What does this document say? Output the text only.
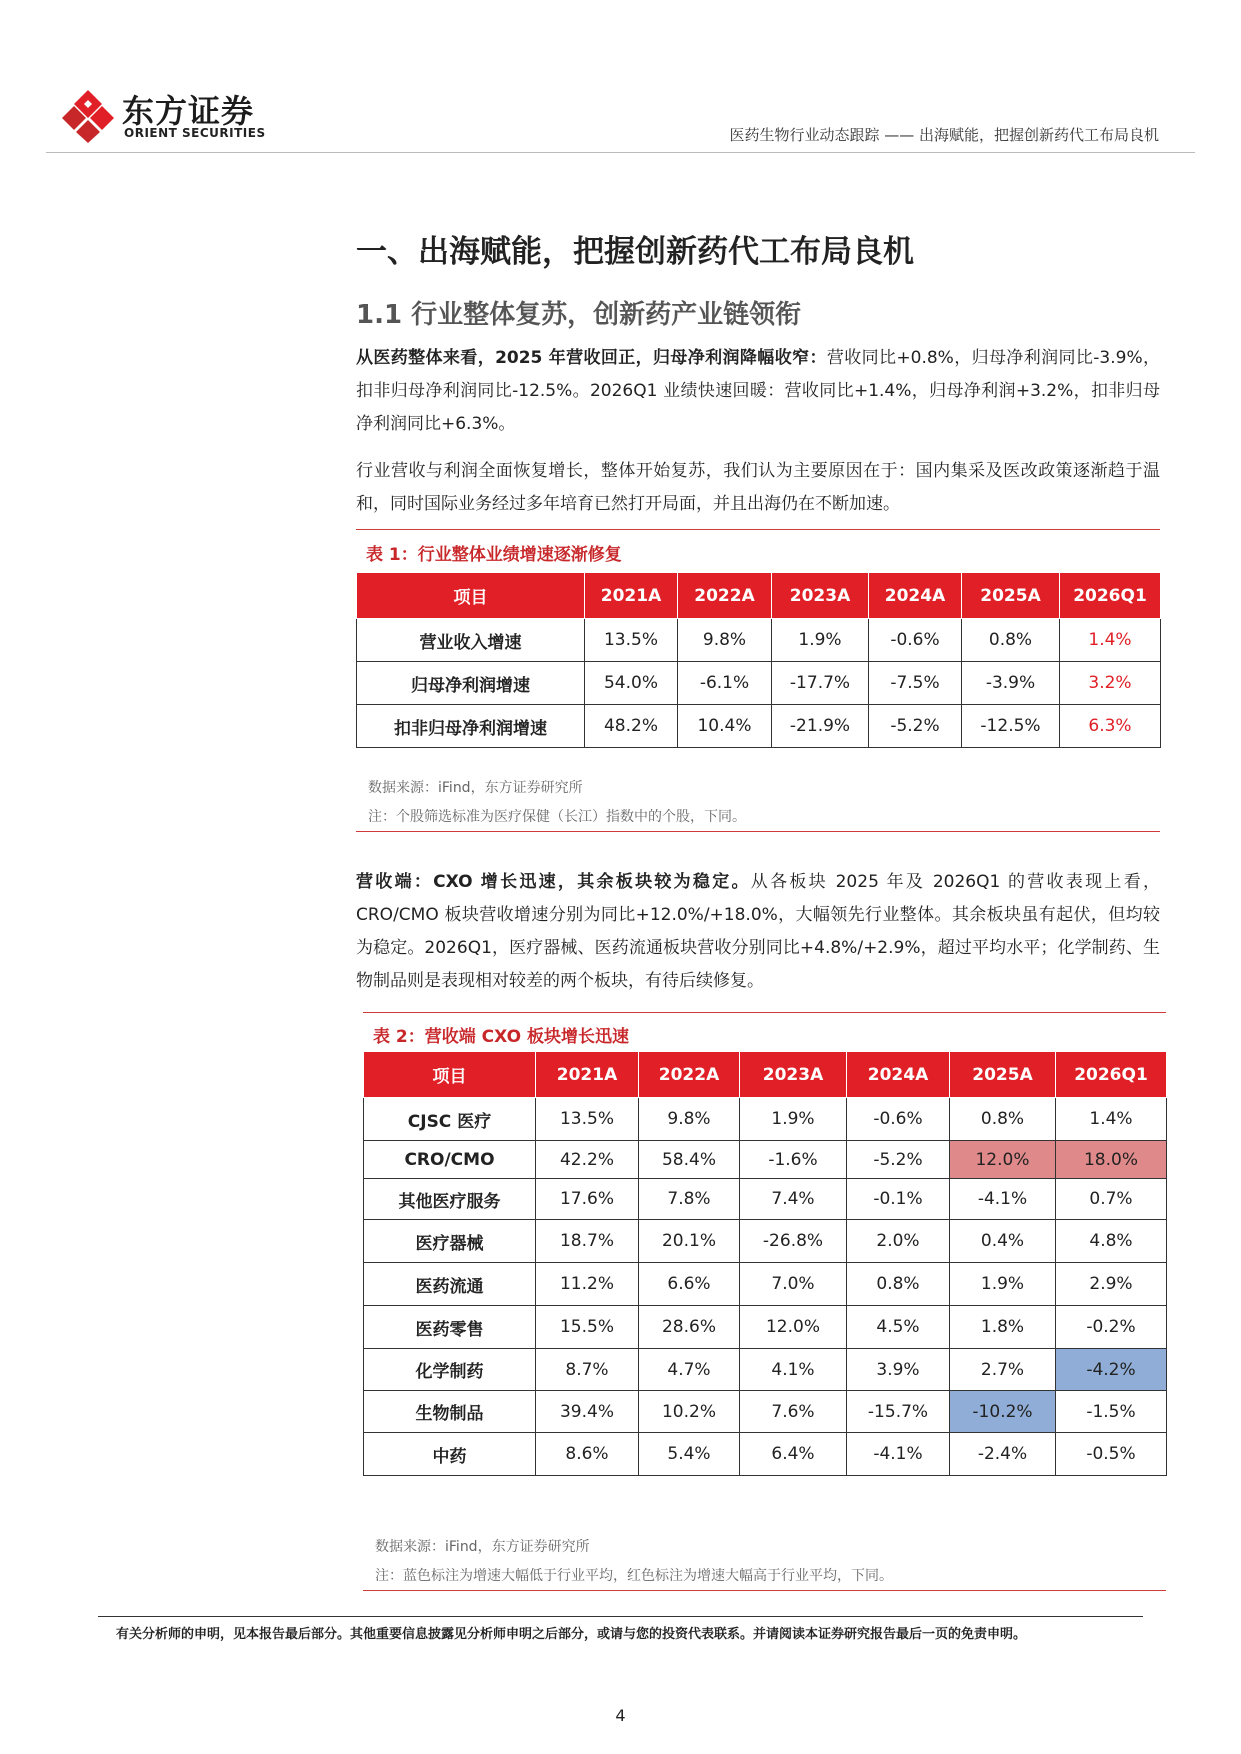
东方证券
ORIENT SECURITIES	医药生物行业动态跟踪 —— 出海赋能，把握创新药代工布局良机
一、出海赋能，把握创新药代工布局良机
1.1 行业整体复苏，创新药产业链领衔

从医药整体来看，2025 年营收回正，归母净利润降幅收窄：营收同比+0.8%，归母净利润同比-3.9%，扣非归母净利润同比-12.5%。2026Q1 业绩快速回暖：营收同比+1.4%，归母净利润+3.2%，扣非归母净利润同比+6.3%。

行业营收与利润全面恢复增长，整体开始复苏，我们认为主要原因在于：国内集采及医改政策逐渐趋于温和，同时国际业务经过多年培育已然打开局面，并且出海仍在不断加速。

表 1：行业整体业绩增速逐渐修复
项目	2021A	2022A	2023A	2024A	2025A	2026Q1
营业收入增速	13.5%	9.8%	1.9%	-0.6%	0.8%	1.4%
归母净利润增速	54.0%	-6.1%	-17.7%	-7.5%	-3.9%	3.2%
扣非归母净利润增速	48.2%	10.4%	-21.9%	-5.2%	-12.5%	6.3%
数据来源：iFind，东方证券研究所
注：个股筛选标准为医疗保健（长江）指数中的个股，下同。

营收端：CXO 增长迅速，其余板块较为稳定。从各板块 2025 年及 2026Q1 的营收表现上看，CRO/CMO 板块营收增速分别为同比+12.0%/+18.0%，大幅领先行业整体。其余板块虽有起伏，但均较为稳定。2026Q1，医疗器械、医药流通板块营收分别同比+4.8%/+2.9%，超过平均水平；化学制药、生物制品则是表现相对较差的两个板块，有待后续修复。

表 2：营收端 CXO 板块增长迅速
项目	2021A	2022A	2023A	2024A	2025A	2026Q1
CJSC 医疗	13.5%	9.8%	1.9%	-0.6%	0.8%	1.4%
CRO/CMO	42.2%	58.4%	-1.6%	-5.2%	12.0%	18.0%
其他医疗服务	17.6%	7.8%	7.4%	-0.1%	-4.1%	0.7%
医疗器械	18.7%	20.1%	-26.8%	2.0%	0.4%	4.8%
医药流通	11.2%	6.6%	7.0%	0.8%	1.9%	2.9%
医药零售	15.5%	28.6%	12.0%	4.5%	1.8%	-0.2%
化学制药	8.7%	4.7%	4.1%	3.9%	2.7%	-4.2%
生物制品	39.4%	10.2%	7.6%	-15.7%	-10.2%	-1.5%
中药	8.6%	5.4%	6.4%	-4.1%	-2.4%	-0.5%
数据来源：iFind，东方证券研究所
注：蓝色标注为增速大幅低于行业平均，红色标注为增速大幅高于行业平均，下同。
有关分析师的申明，见本报告最后部分。其他重要信息披露见分析师申明之后部分，或请与您的投资代表联系。并请阅读本证券研究报告最后一页的免责申明。
4
